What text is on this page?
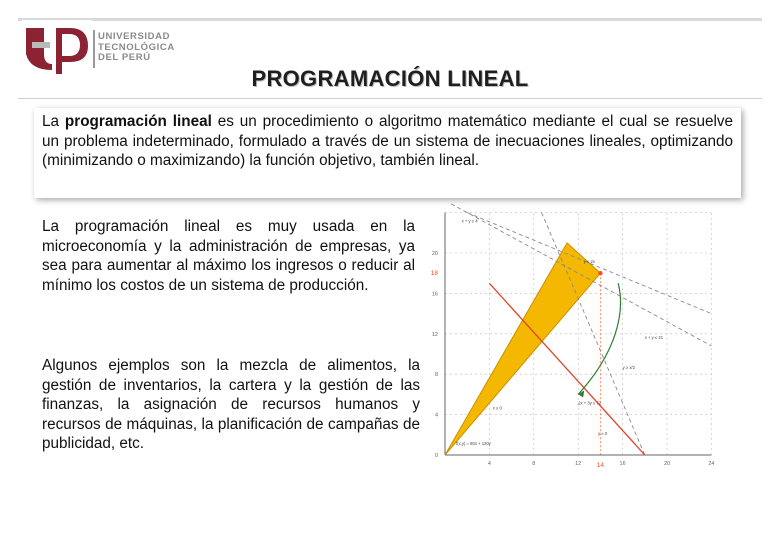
UNIVERSIDAD
TECNOLÓGICA
DEL PERÚ
PROGRAMACIÓN LINEAL

La programación lineal es un procedimiento o algoritmo matemático mediante el cual se resuelve un problema indeterminado, formulado a través de un sistema de inecuaciones lineales, optimizando (minimizando o maximizando) la función objetivo, también lineal.

La programación lineal es muy usada en la microeconomía y la administración de empresas, ya sea para aumentar al máximo los ingresos o reducir al mínimo los costos de un sistema de producción.

Algunos ejemplos son la mezcla de alimentos, la gestión de inventarios, la cartera y la gestión de las finanzas, la asignación de recursos humanos y recursos de máquinas, la planificación de campañas de publicidad, etc.

4	8	12	16	20	24
4
8
12
16
20
0
14
18
x + y ≥ 4
x + y ≤ 21
y ≥ x/2
y ≤ 2x
2x + 3y ≤ 72
x ≥ 0
y ≥ 0
f(x,y) = 80x + 120y
